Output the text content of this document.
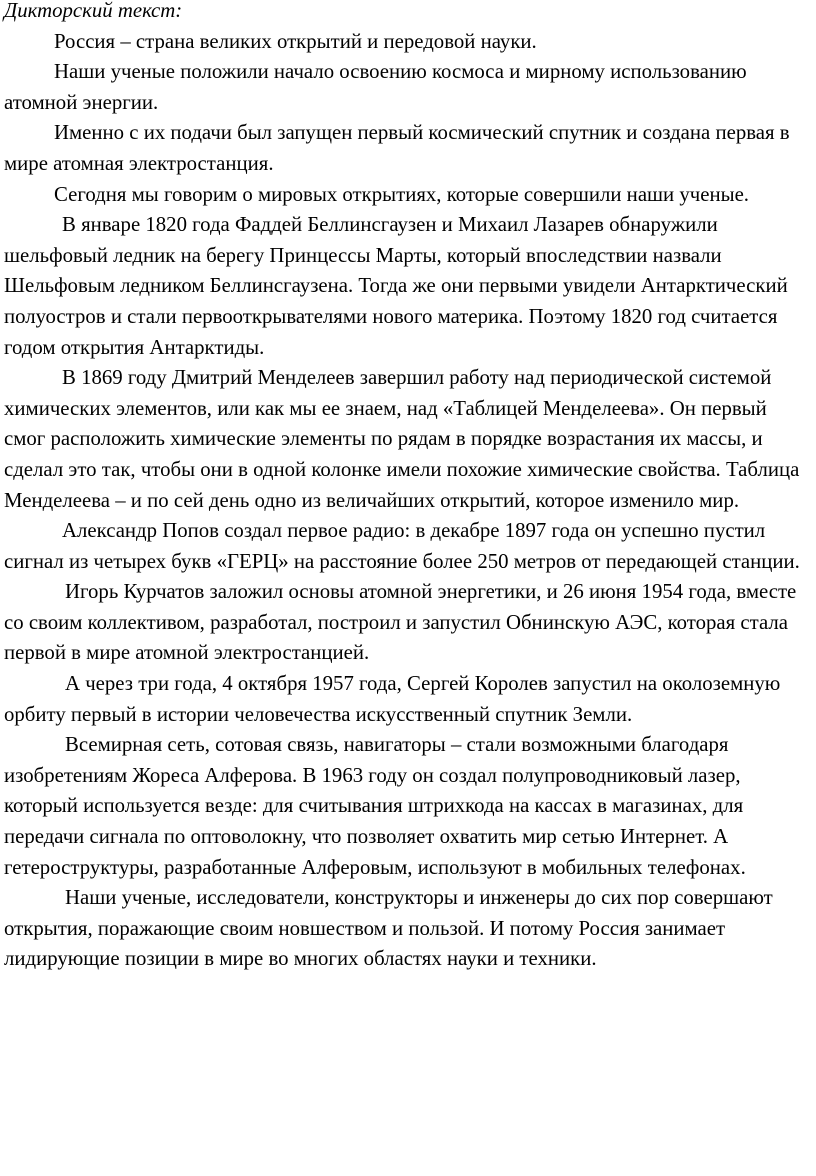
Дикторский текст:

Россия – страна великих открытий и передовой науки.

Наши ученые положили начало освоению космоса и мирному использованию атомной энергии.

Именно с их подачи был запущен первый космический спутник и создана первая в мире атомная электростанция.

Сегодня мы говорим о мировых открытиях, которые совершили наши ученые.

В январе 1820 года Фаддей Беллинсгаузен и Михаил Лазарев обнаружили шельфовый ледник на берегу Принцессы Марты, который впоследствии назвали Шельфовым ледником Беллинсгаузена. Тогда же они первыми увидели Антарктический полуостров и стали первооткрывателями нового материка. Поэтому 1820 год считается годом открытия Антарктиды.

В 1869 году Дмитрий Менделеев завершил работу над периодической системой химических элементов, или как мы ее знаем, над «Таблицей Менделеева». Он первый смог расположить химические элементы по рядам в порядке возрастания их массы, и сделал это так, чтобы они в одной колонке имели похожие химические свойства. Таблица Менделеева – и по сей день одно из величайших открытий, которое изменило мир.

Александр Попов создал первое радио: в декабре 1897 года он успешно пустил сигнал из четырех букв «ГЕРЦ» на расстояние более 250 метров от передающей станции.

Игорь Курчатов заложил основы атомной энергетики, и 26 июня 1954 года, вместе со своим коллективом, разработал, построил и запустил Обнинскую АЭС, которая стала первой в мире атомной электростанцией.

А через три года, 4 октября 1957 года, Сергей Королев запустил на околоземную орбиту первый в истории человечества искусственный спутник Земли.

Всемирная сеть, сотовая связь, навигаторы – стали возможными благодаря изобретениям Жореса Алферова. В 1963 году он создал полупроводниковый лазер, который используется везде: для считывания штрихкода на кассах в магазинах, для передачи сигнала по оптоволокну, что позволяет охватить мир сетью Интернет. А гетероструктуры, разработанные Алферовым, используют в мобильных телефонах.

Наши ученые, исследователи, конструкторы и инженеры до сих пор совершают открытия, поражающие своим новшеством и пользой. И потому Россия занимает лидирующие позиции в мире во многих областях науки и техники.
